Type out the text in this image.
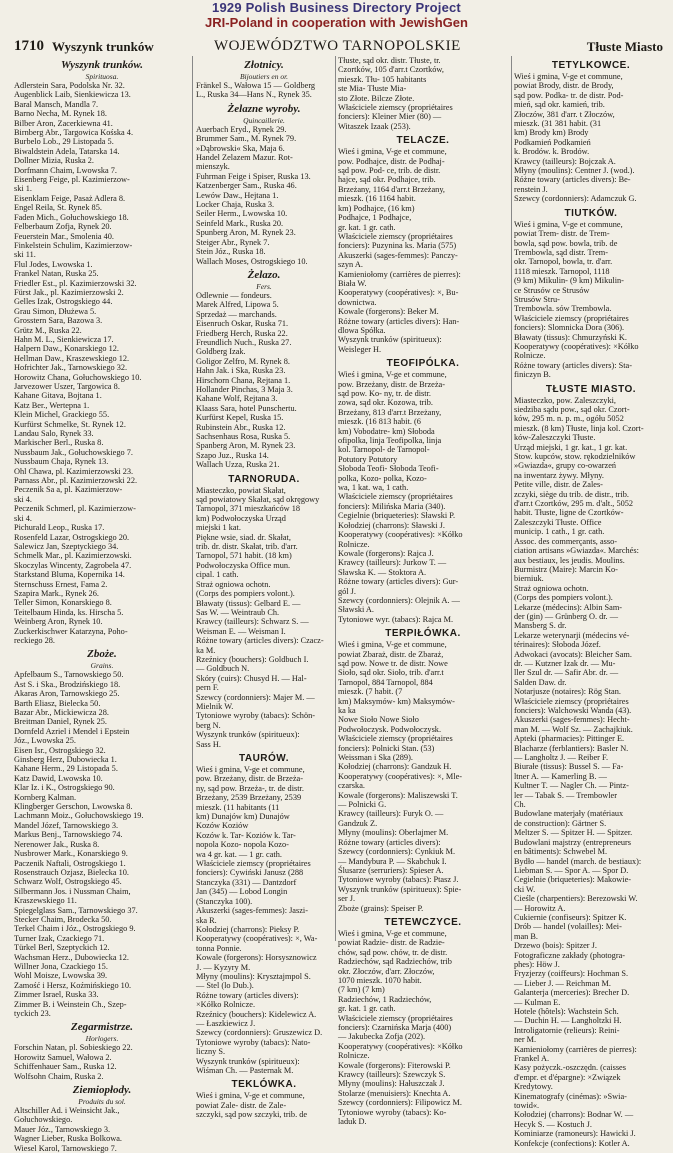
1929 Polish Business Directory Project
JRI-Poland in cooperation with JewishGen
1710 Wyszynk trunków	WOJEWÓDZTWO TARNOPOLSKIE	Tłuste Miasto
Wyszynk trunków.
Spirituosa.
Adlerstein Sara, Podolska Nr. 32.
Augenblick Laib, Sienkiewicza 13.
Baral Mansch, Mandla 7.
Barno Necha, M. Rynek 18.
Bilber Aron, Zacerkiewna 41.
Birnberg Abr., Targowica Kośska 4.
Burbelo Lob., 29 Listopada 5.
Biwaldstein Adela, Tatarska 14.
Dollner Mizia, Ruska 2.
Dorfmann Chaim, Lwowska 7.
Eisenberg Feige, pl. Kazimierzow-
ski 1.
Eisenklam Feige, Pasaż Adlera 8.
Engel Reila, St. Rynek 85.
Faden Mich., Gołuchowskiego 18.
Felberbaum Zofja, Rynek 20.
Feuerstein Mar., Smolenia 40.
Finkelstein Schulim, Kazimierzow-
ski 11.
Flul Jodes, Lwowska 1.
Frankel Natan, Ruska 25.
Friedler Est., pl. Kazimierzowski 32.
Fürst Jak., pl. Kazimierzowski 2.
Gelles Izak, Ostrogskiego 44.
Grau Simon, Dłużewa 5.
Grosstern Sara, Bazowa 3.
Grütz M., Ruska 22.
Hahn M. L., Sienkiewicza 17.
Halpern Daw., Konarskiego 12.
Hellman Daw., Kraszewskiego 12.
Hofrichter Jak., Tarnowskiego 32.
Horowitz Chana, Gołuchowskiego 10.
Jarvezower Uszer, Targowica 8.
Kahane Gitava, Bojtana 1.
Katz Ber., Wertepna 1.
Klein Michel, Grackiego 55.
Kurfürst Schmelke, St. Rynek 12.
Landau Salo, Rynek 33.
Markischer Berl., Ruska 8.
Nussbaum Jak., Gołuchowskiego 7.
Nussbaum Chaja, Rynek 13.
Ohl Chawa, pl. Kazimierzowski 23.
Parnass Abr., pl. Kazimierzowski 22.
Peczenik Sa a, pl. Kazimierzow-
ski 4.
Peczenik Schmerl, pl. Kazimierzow-
ski 4.
Pichurald Leop., Ruska 17.
Rosenfeld Lazar, Ostrogskiego 20.
Salewicz Jan, Szeptyckiego 34.
Schmelk Mar., pl. Kazimierzowski.
Skoczylas Wincenty, Zagrobela 47.
Starkstand Bluma, Kopernika 14.
Sternschuss Ernest, Fama 2.
Szapira Mark., Rynek 26.
Teller Simon, Konarskiego 8.
Teitelbaum Hinda, ks. Hirscha 5.
Weinberg Aron, Rynek 10.
Zuckerkischwer Katarzyna, Poho-
reckiego 28.
Zboże.
Grains.
Apfelbaum S., Tarnowskiego 50.
Ast S. i Ska., Brodzińskiego 18.
Akaras Aron, Tarnowskiego 25.
Barth Eliasz, Bielecka 50.
Bazar Abr., Mickiewicza 28.
Breitman Daniel, Rynek 25.
Dornfeld Azriel i Mendel i Epstein
Józ., Lwowska 25.
Eisen Isr., Ostrogskiego 32.
Ginsberg Herz, Dubowiecka 1.
Kahane Herm., 29 Listopada 5.
Katz Dawid, Lwowska 10.
Klar Iz. i K., Ostrogskiego 90.
Kornberg Kalman.
Klingberger Gerschon, Lwowska 8.
Lachmann Moiz., Gołuchowskiego 19.
Mandel Józef, Tarnowskiego 3.
Markus Benj., Tarnowskiego 74.
Nerenower Jak., Ruska 8.
Nusbrower Mark., Konarskiego 9.
Paczenik Naftali, Ostrogskiego 1.
Rosenstrauch Ozjasz, Bielecka 10.
Schwarz Wolf, Ostrogskiego 45.
Silbermann Jos. i Nussman Chaim,
Kraszewskiego 11.
Spiegelglass Sam., Tarnowskiego 37.
Stecker Chaim, Brodecka 50.
Terkel Chaim i Józ., Ostrogskiego 9.
Turner Izak, Czackiego 71.
Türkel Berl, Szeptyckich 12.
Wachsman Herz., Dubowiecka 12.
Willner Jona, Czackiego 15.
Wohl Moisze, Lwowska 39.
Zamość i Hersz, Koźmińskiego 10.
Zimmer Israel, Ruska 33.
Zimmer B. i Weinstein Ch., Szep-
tyckich 23.
Zegarmistrze.
Horlogers.
Forschin Natan, pl. Sobieskiego 22.
Horowitz Samuel, Wałowa 2.
Schiffenhauer Sam., Ruska 12.
Wolfsohn Chaim, Ruska 2.
Ziemiopłody.
Produits du sol.
Altschiller Ad. i Weinsicht Jak.,
Gołuchowskiego.
Mauer Józ., Tarnowskiego 3.
Wagner Lieber, Ruska Bolkowa.
Wiesel Karol, Tarnowskiego 7.
Złotnicy.
Bijoutiers en or.
Fränkel S., Wałowa 15 — Goldberg
L., Ruska 34—Hans N., Rynek 35.
Żelazne wyroby.
Quincaillerie.
Auerbach Eryd., Rynek 29.
Brummer Sam., M. Rynek 79.
»Dąbrowski« Ska, Maja 6.
Handel Zelazem Mazur. Rot-
mienszyk.
Fuhrman Feige i Spiser, Ruska 13.
Katzenberger Sam., Ruska 46.
Lewów Daw., Hejtana 1.
Locker Chaja, Ruska 3.
Seiler Herm., Lwowska 10.
Seinfeld Mark., Ruska 20.
Spunberg Aron, M. Rynek 23.
Steiger Abr., Rynek 7.
Stein Józ., Ruska 18.
Wallach Moses, Ostrogskiego 10.
Żelazo.
Fers.
Odlewnie — fondeurs.
Marek Alfred, Lipowa 5.
Sprzedaż — marchands.
Eisenruch Oskar, Ruska 71.
Friedberg Herch, Ruska 22.
Freundlich Nuch., Ruska 27.
Goldberg Izak.
Goligor Zelfro, M. Rynek 8.
Hahn Jak. i Ska, Ruska 23.
Hirschorn Chana, Rejtana 1.
Hollander Pinchas, 3 Maja 3.
Kahane Wolf, Rejtana 3.
Klaass Sara, hotel Punschertu.
Kurfürst Kepel, Ruska 15.
Rubinstein Abr., Ruska 12.
Sachsenhaus Rosa, Ruska 5.
Spanberg Aron, M. Rynek 23.
Szapo Juz., Ruska 14.
Wallach Uzza, Ruska 21.
TARNORUDA.
Miasteczko, powiat Skałat,
sąd powiatowy Skałat, sąd okręgowy
Tarnopol, 371 mieszkańców 18
km) Podwołoczyska Urząd
miejski 1 kat.
Piękne wsie, siad. dr. Skałat,
trib. dr. distr. Skałat, trib. d'arr.
Tarnopol, 571 habit. (18 km)
Podwołoczyska Office mun.
cipal. 1 cath.
Straż ogniowa ochotn.
(Corps des pompiers volont.).
Bławaty (tissus): Gelbard E. —
Sas W. — Weintraub Ch.
Krawcy (tailleurs): Schwarz S. —
Weisman E. — Weisman I.
Różne towary (articles divers): Czacz-
ka M.
Rzeźnicy (bouchers): Goldbuch I.
— Goldbuch N.
Skóry (cuirs): Chusyd H. — Hal-
pern F.
Szewcy (cordonniers): Majer M. —
Mielnik W.
Tytoniowe wyroby (tabacs): Schön-
berg N.
Wyszynk trunków (spiritueux):
Sass H.
TAURÓW.
Wieś i gmina, V-ge et commune,
pow. Brzeżany, distr. de Brzeża-
ny, sąd pow. Brzeża-, tr. de distr.
Brzeżany, 2539 Brzeżany, 2539
mieszk. (11 habitants (11
km) Dunajów km) Dunajów
Kozów Koziów
Kozów k. Tar- Koziów k. Tar-
nopola Kozo- nopola Kozo-
wa 4 gr. kat. — 1 gr. cath.
Właściciele ziemscy (propriétaires
fonciers): Cywiński Janusz (288
Stanczyka (331) — Dantzdorf
Jan (345) — Lobod Longin
(Stanczyka 100).
Akuszerki (sages-femmes): Jaszi-
ska R.
Kołodziej (charrons): Pieksy P.
Kooperatywy (coopératives): ×, Wa-
tonna Ponnie.
Kowale (forgerons): Horsysznowicz
J. — Kyzyry M.
Młyny (moulins): Krysztajmpol S.
— Stel (lo Dub.).
Różne towary (articles divers):
×Kółko Rolnicze.
Rzeźnicy (bouchers): Kidelewicz A.
— Łaszkiewicz J.
Szewcy (cordonniers): Gruszewicz D.
Tytoniowe wyroby (tabacs): Nato-
liczny S.
Wyszynk trunków (spiritueux):
Wiśman Ch. — Pasternak M.
TEKLÓWKA.
Wieś i gmina, V-ge et commune,
powiat Zale- distr. de Zale-
szczyki, sąd pow szczyki, trib. de
Tłuste, sąd okr. distr. Tłuste, tr.
Czortków, 105 d'arr.t Czortków,
mieszk. Tłu- 105 habitants
ste Mia- Tłuste Mia-
sto Złote. Bilcze Złote.
Właściciele ziemscy (propriétaires
fonciers): Kleiner Mier (80) —
Witaszek Izaak (253).
TELACZE.
Wieś i gmina, V-ge et commune,
pow. Podhajce, distr. de Podhaj-
sąd pow. Pod- ce, trib. de distr.
hajce, sąd okr. Podhajce, trib.
Brzeżany, 1164 d'arr.t Brzeżany,
mieszk. (16 1164 habit.
km) Podhajce, (16 km)
Podhajce, 1 Podhajce,
gr. kat. 1 gr. cath.
Właściciele ziemscy (propriétaires
fonciers): Puzynina ks. Maria (575)
Akuszerki (sages-femmes): Panczy-
szyn A.
Kamieniołomy (carrières de pierres):
Biała W.
Kooperatywy (coopératives): ×, Bu-
downictwa.
Kowale (forgerons): Beker M.
Różne towary (articles divers): Han-
dlowa Spółka.
Wyszynk trunków (spiritueux):
Weisleger H.
TEOFIPÓLKA.
Wieś i gmina, V-ge et commune,
pow. Brzeżany, distr. de Brzeża-
sąd pow. Ko- ny, tr. de distr.
zowa, sąd okr. Kozowa, trib.
Brzeżany, 813 d'arr.t Brzeżany,
mieszk. (16 813 habit. (6
km) Vobodatre- km) Słoboda
ofipolka, linja Teofipolka, linja
kol. Tarnopol- de Tarnopol-
Potutory Potutory
Słoboda Teofi- Słoboda Teofi-
polka, Kozo- polka, Kozo-
wa, 1 kat. wa, 1 cath.
Właściciele ziemscy (propriétaires
fonciers): Milińska Maria (340).
Cegielnie (briqueteries): Sławski P.
Kołodziej (charrons): Sławski J.
Kooperatywy (coopératives): ×Kółko
Rolnicze.
Kowale (forgerons): Rajca J.
Krawcy (tailleurs): Jurkow T. —
Sławska K. — Stoktora A.
Różne towary (articles divers): Gur-
gól J.
Szewcy (cordonniers): Olejnik A. —
Sławski A.
Tytoniowe wyr. (tabacs): Rajca M.
TERPIŁÓWKA.
Wieś i gmina, V-ge et commune,
powiat Zbaraż, distr. de Zbaraż,
sąd pow. Nowe tr. de distr. Nowe
Sioło, sąd okr. Sioło, trib. d'arr.t
Tarnopol, 884 Tarnopol, 884
mieszk. (7 habit. (7
km) Maksymów- km) Maksymów-
ka ka
Nowe Sioło Nowe Sioło
Podwołoczysk. Podwołoczysk.
Właściciele ziemscy (propriétaires
fonciers): Polnicki Stan. (53)
Weissman i Ska (289).
Kołodziej (charrons): Gandzuk H.
Kooperatywy (coopératives): ×, Mle-
czarska.
Kowale (forgerons): Maliszewski T.
— Polnicki G.
Krawcy (tailleurs): Furyk O. —
Gandzuk Z.
Młyny (moulins): Oberlajmer M.
Różne towary (articles divers):
Szewcy (cordonniers): Cynkiuk M.
— Mandybura P. — Skabchuk I.
Ślusarze (serruriers): Spieser A.
Tytoniowe wyroby (tabacs): Ptasz J.
Wyszynk trunków (spiritueux): Spie-
ser J.
Zboże (grains): Speiser P.
TETEWCZYCE.
Wieś i gmina, V-ge et commune,
powiat Radzie- distr. de Radzie-
chów, sąd pow. chów, tr. de distr.
Radziechów, sąd Radziechów, trib
okr. Złoczów, d'arr. Złoczów,
1070 mieszk. 1070 habit.
(7 km) (7 km)
Radziechów, 1 Radziechów,
gr. kat. 1 gr. cath.
Właściciele ziemscy (propriétaires
fonciers): Czarnińska Marja (400)
— Jakubecka Zofja (202).
Kooperatywy (coopératives): ×Kółko
Rolnicze.
Kowale (forgerons): Fiterowski P.
Krawcy (tailleurs): Szewczyk S.
Młyny (moulins): Hałuszczak J.
Stolarze (menuisiers): Knechta A.
Szewcy (cordonniers): Filipowicz M.
Tytoniowe wyroby (tabacs): Ko-
laduk D.
TETYLKOWCE.
Wieś i gmina, V-ge et commune,
powiat Brody, distr. de Brody,
sąd pow. Podka- tr. de distr. Pod-
mień, sąd okr. kamień, trib.
Złoczów, 381 d'arr. t Złoczów,
mieszk. (31 381 habit. (31
km) Brody km) Brody
Podkamień Podkamień
k. Brodów. k. Brodów.
Krawcy (tailleurs): Bojczak A.
Młyny (moulins): Centner J. (wod.).
Różne towary (articles divers): Be-
renstein J.
Szewcy (cordonniers): Adamczuk G.
TIUTKÓW.
Wieś i gmina, V-ge et commune,
powiat Trem- distr. de Trem-
bowla, sąd pow. bowla, trib. de
Trembowla, sąd distr. Trem-
okr. Tarnopol, bowla, tr. d'arr.
1118 mieszk. Tarnopol, 1118
(9 km) Mikulin- (9 km) Mikulin-
ce Strusów ce Strusów
Strusów Stru-
Trembowla. sów Trembowla.
Właściciele ziemscy (propriétaires
fonciers): Slomnicka Dora (306).
Bławaty (tissus): Chmurzyński K.
Kooperatywy (coopératives): ×Kółko
Rolnicze.
Różne towary (articles divers): Sta-
finiczyn B.
TŁUSTE MIASTO.
Miasteczko, pow. Zaleszczyki,
siedziba sądu pow., sąd okr. Czort-
ków, 295 m. n. p. m., ogółu 5052
mieszk. (8 km) Tłuste, linja kol. Czort-
ków-Zaleszczyki Tłuste.
Urząd miejski, 1 gr. kat., 1 gr. kat.
Stow. kupców, stow. rękodzielników
»Gwiazda«, grupy co-owarzeń
na inwentarz żywy. Młyny.
Petite ville, distr. de Zales-
zczyki, siège du trib. de distr., trib.
d'arr.t Czortków, 295 m. d'alt., 5052
habit. Tłuste, ligne de Czortków-
Zaleszczyki Tłuste. Office
municip. 1 cath., 1 gr. cath.
Assoc. des commerçants, asso-
ciation artisans »Gwiazda«. Marchés:
aux bestiaux, les jeudis. Moulins.
Burmistrz (Maire): Marcin Ko-
bierniuk.
Straż ogniowa ochotn.
(Corps des pompiers volont.).
Lekarze (médecins): Albin Sam-
der (gin) — Grünberg O. dr. —
Mansberg S. dr.
Lekarze weterynarji (médecins vé-
térinaires): Słoboda Józef.
Adwokaci (avocats): Bleicher Sam.
dr. — Kutzner Izak dr. — Mu-
ller Szul dr. — Safir Abr. dr. —
Salden Daw. dr.
Notarjusze (notaires): Rög Stan.
Właściciele ziemscy (propriétaires
fonciers): Walchowski Wanda (43).
Akuszerki (sages-femmes): Hecht-
man M. — Wolf Sz. — Zachajkiuk.
Apteki (pharmacies): Pittinger E.
Blacharze (ferblantiers): Basler N.
— Langholtz J. — Reiber F.
Biurałe (tissus): Bussel S. — Fa-
ltner A. — Kamerling B. —
Kultner T. — Nagler Ch. — Pintz-
ler — Tabak S. — Trembowler
Ch.
Budowlane materjały (matériaux
de construction): Gärtner S.
Meltzer S. — Spitzer H. — Spitzer.
Budowlani majstrzy (entrepreneurs
en bâtiments): Schwebel M.
Bydło — handel (march. de bestiaux):
Liebman S. — Spor A. — Spor D.
Cegielnie (briqueteries): Makowie-
cki W.
Cieśle (charpentiers): Berezowski W.
— Horowitz A.
Cukiernie (confiseurs): Spitzer K.
Drób — handel (volailles): Mei-
man B.
Drzewo (bois): Spitzer J.
Fotograficzne zakłady (photogra-
phes): Höw J.
Fryzjerzy (coiffeurs): Hochman S.
— Lieber J. — Reichman M.
Galanterja (merceries): Brecher D.
— Kulman E.
Hotele (hôtels): Wachstein Sch.
— Duchin H. — Langholtzki H.
Introligatornie (relieurs): Reini-
ner M.
Kamieniołomy (carrières de pierres):
Frankel A.
Kasy pożyczk.-oszczędn. (caisses
d'empr. et d'épargne): ×Związek
Kredytowy.
Kinematografy (cinémas): »Swia-
towid«.
Kołodziej (charrons): Bodnar W. —
Hecyk S. — Kostuch J.
Kominiarze (ramoneurs): Hawicki J.
Konfekcje (confections): Kotler A.
